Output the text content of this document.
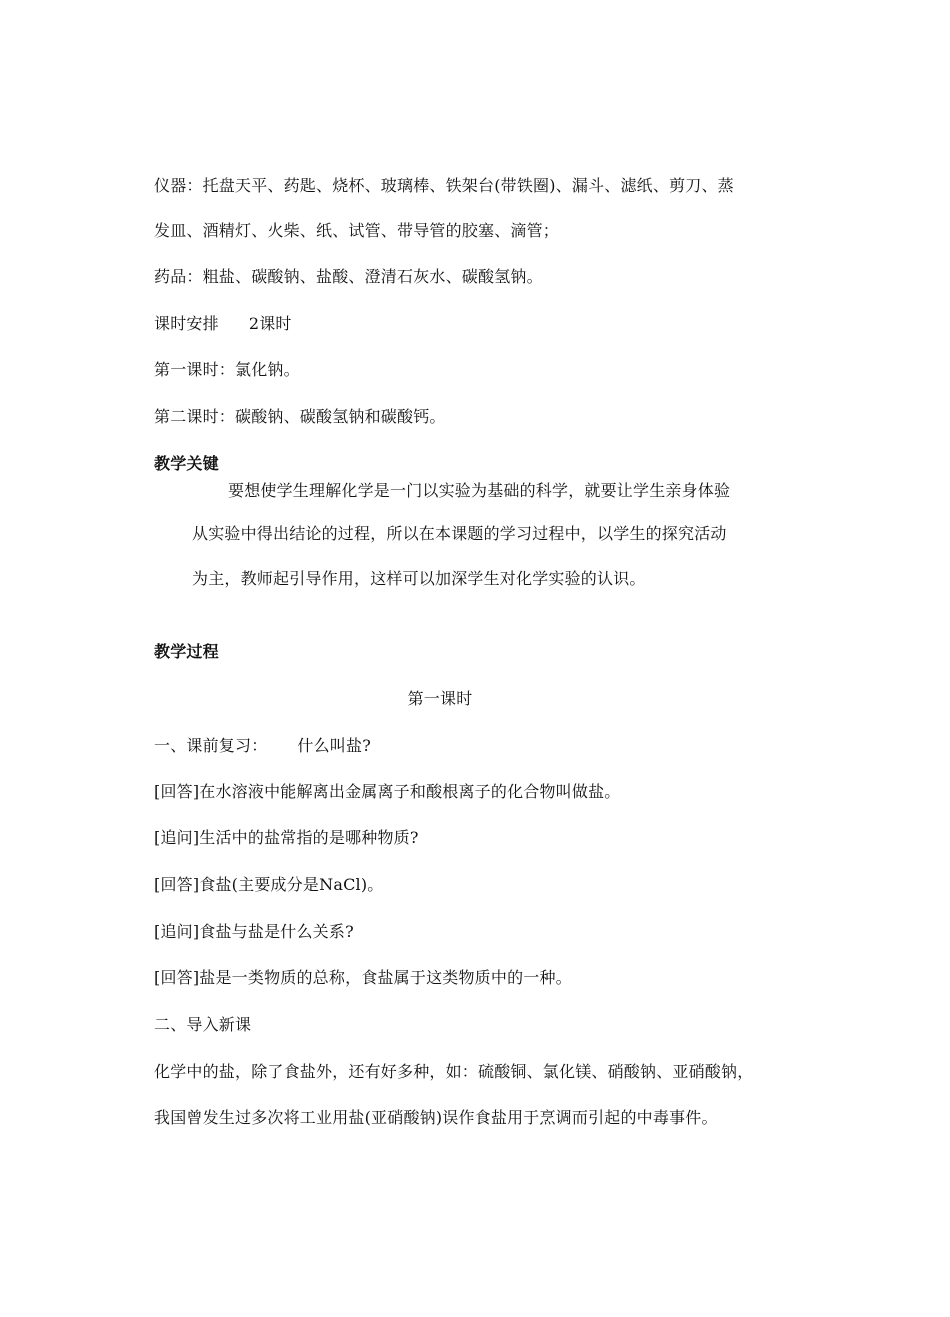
仪器：托盘天平、药匙、烧杯、玻璃棒、铁架台(带铁圈)、漏斗、滤纸、剪刀、蒸
发皿、酒精灯、火柴、纸、试管、带导管的胶塞、滴管；
药品：粗盐、碳酸钠、盐酸、澄清石灰水、碳酸氢钠。
课时安排 2课时
第一课时：氯化钠。
第二课时：碳酸钠、碳酸氢钠和碳酸钙。
教学关键
要想使学生理解化学是一门以实验为基础的科学，就要让学生亲身体验
从实验中得出结论的过程，所以在本课题的学习过程中，以学生的探究活动
为主，教师起引导作用，这样可以加深学生对化学实验的认识。
教学过程
第一课时
一、课前复习： 什么叫盐?
[回答]在水溶液中能解离出金属离子和酸根离子的化合物叫做盐。
[追问]生活中的盐常指的是哪种物质?
[回答]食盐(主要成分是NaCl)。
[追问]食盐与盐是什么关系?
[回答]盐是一类物质的总称，食盐属于这类物质中的一种。
二、导入新课
化学中的盐，除了食盐外，还有好多种，如：硫酸铜、氯化镁、硝酸钠、亚硝酸钠，
我国曾发生过多次将工业用盐(亚硝酸钠)误作食盐用于烹调而引起的中毒事件。
